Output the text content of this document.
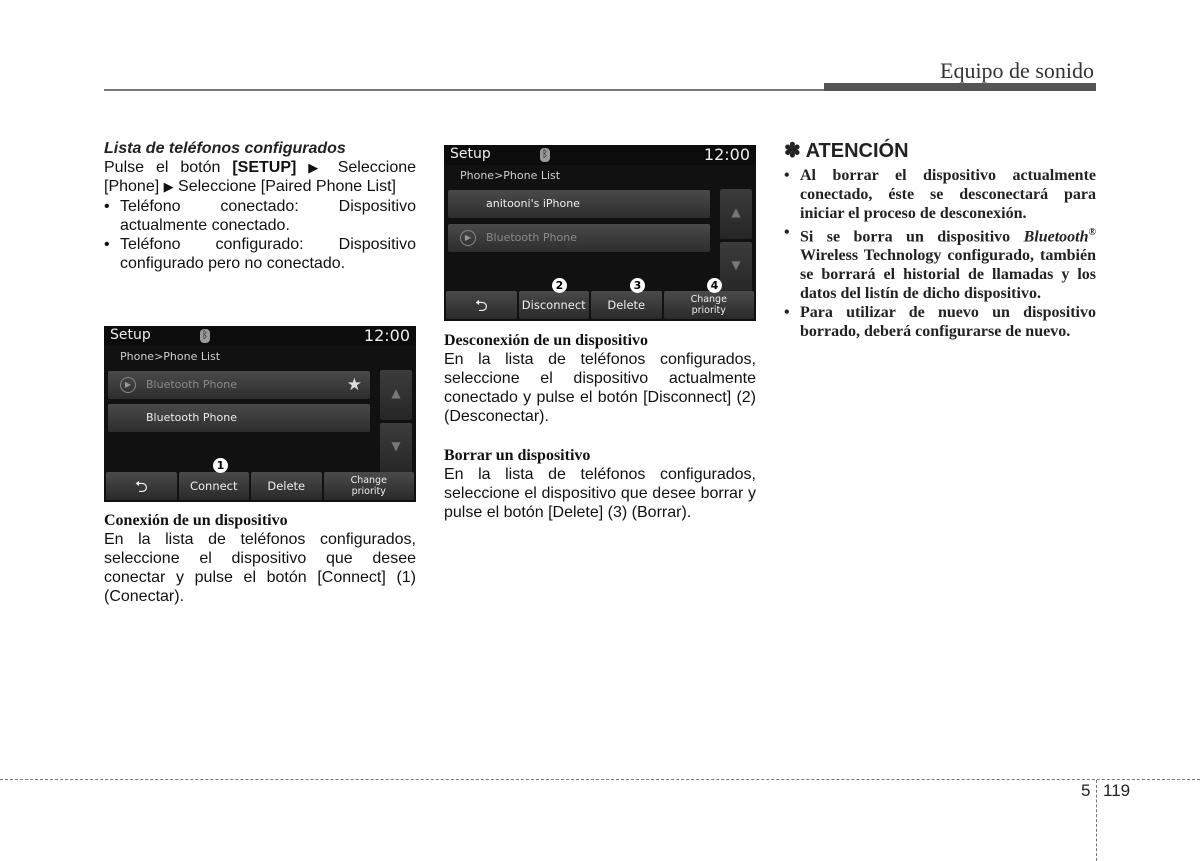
Equipo de sonido

Lista de teléfonos configurados

Pulse el botón [SETUP] ▶ Seleccione [Phone] ▶ Seleccione [Paired Phone List]

• Teléfono conectado: Dispositivo actualmente conectado.
• Teléfono configurado: Dispositivo configurado pero no conectado.
Setup	ᛒ	12:00
Phone>Phone List
▶	Bluetooth Phone	★
Bluetooth Phone
▲
▼
⮌	Connect	Delete	Change priority
1

Conexión de un dispositivo

En la lista de teléfonos configurados, seleccione el dispositivo que desee conectar y pulse el botón [Connect] (1) (Conectar).

Setup	ᛒ	12:00
Phone>Phone List
anitooni's iPhone
▶	Bluetooth Phone
▲
▼
⮌	Disconnect	Delete	Change priority
2	3	4

Desconexión de un dispositivo

En la lista de teléfonos configurados, seleccione el dispositivo actualmente conectado y pulse el botón [Disconnect] (2) (Desconectar).

Borrar un dispositivo

En la lista de teléfonos configurados, seleccione el dispositivo que desee borrar y pulse el botón [Delete] (3) (Borrar).

✽ ATENCIÓN
• Al borrar el dispositivo actualmente conectado, éste se desconectará para iniciar el proceso de desconexión.
• Si se borra un dispositivo Bluetooth® Wireless Technology configurado, también se borrará el historial de llamadas y los datos del listín de dicho dispositivo.
• Para utilizar de nuevo un dispositivo borrado, deberá configurarse de nuevo.
5 119
